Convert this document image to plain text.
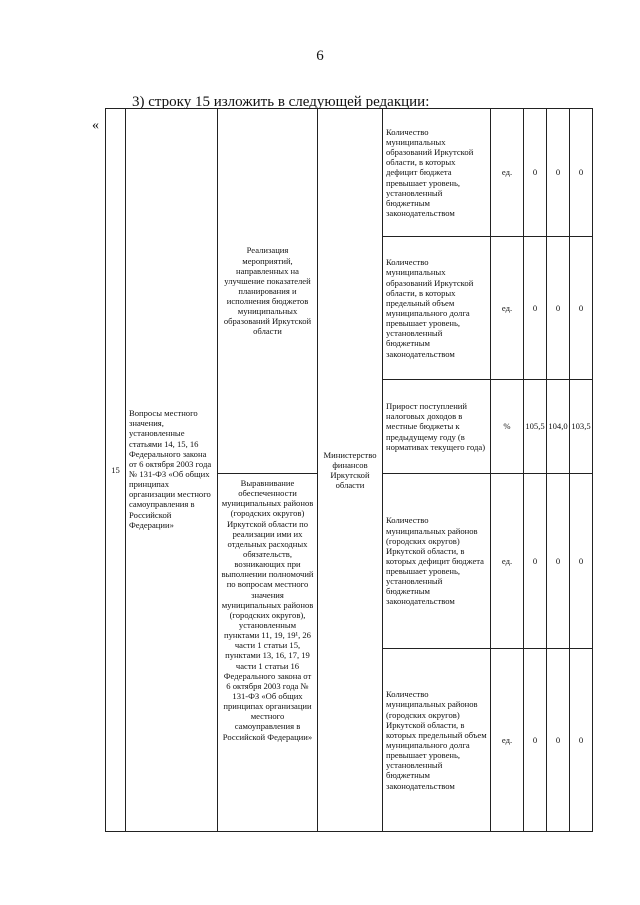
6
3) строку 15 изложить в следующей редакции:
«
15	Вопросы местного значения, установленные статьями 14, 15, 16 Федерального закона от 6 октября 2003 года № 131-ФЗ «Об общих принципах организации местного самоуправления в Российской Федерации»	Реализация мероприятий, направленных на улучшение показателей планирования и исполнения бюджетов муниципальных образований Иркутской области	Министерство финансов Иркутской области	Количество муниципальных образований Иркутской области, в которых дефицит бюджета превышает уровень, установленный бюджетным законодательством	ед.	0	0	0
				Количество муниципальных образований Иркутской области, в которых предельный объем муниципального долга превышает уровень, установленный бюджетным законодательством	ед.	0	0	0
				Прирост поступлений налоговых доходов в местные бюджеты к предыдущему году (в нормативах текущего года)	%	105,5	104,0	103,5
		Выравнивание обеспеченности муниципальных районов (городских округов) Иркутской области по реализации ими их отдельных расходных обязательств, возникающих при выполнении полномочий по вопросам местного значения муниципальных районов (городских округов), установленным пунктами 11, 19, 19¹, 26 части 1 статьи 15, пунктами 13, 16, 17, 19 части 1 статьи 16 Федерального закона от 6 октября 2003 года № 131-ФЗ «Об общих принципах организации местного самоуправления в Российской Федерации»		Количество муниципальных районов (городских округов) Иркутской области, в которых дефицит бюджета превышает уровень, установленный бюджетным законодательством	ед.	0	0	0
				Количество муниципальных районов (городских округов) Иркутской области, в которых предельный объем муниципального долга превышает уровень, установленный бюджетным законодательством	ед.	0	0	0
